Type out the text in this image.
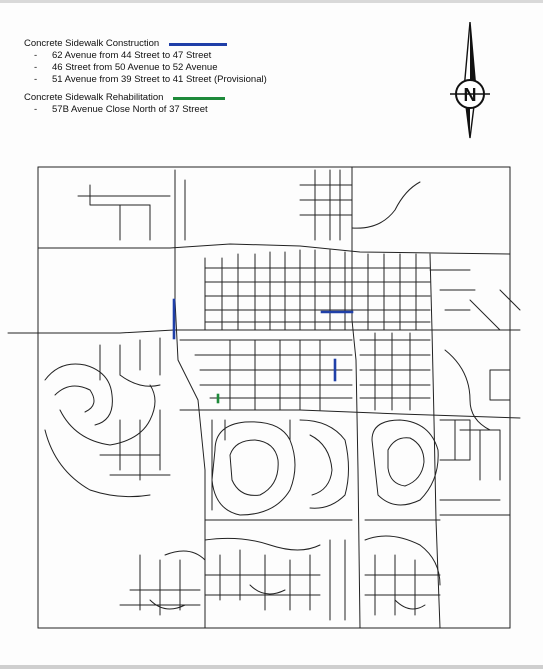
Concrete Sidewalk Construction
-	62 Avenue from 44 Street to 47 Street
-	46 Street from 50 Avenue to 52 Avenue
-	51 Avenue from 39 Street to 41 Street (Provisional)
Concrete Sidewalk Rehabilitation
-	57B Avenue Close North of 37 Street
N
